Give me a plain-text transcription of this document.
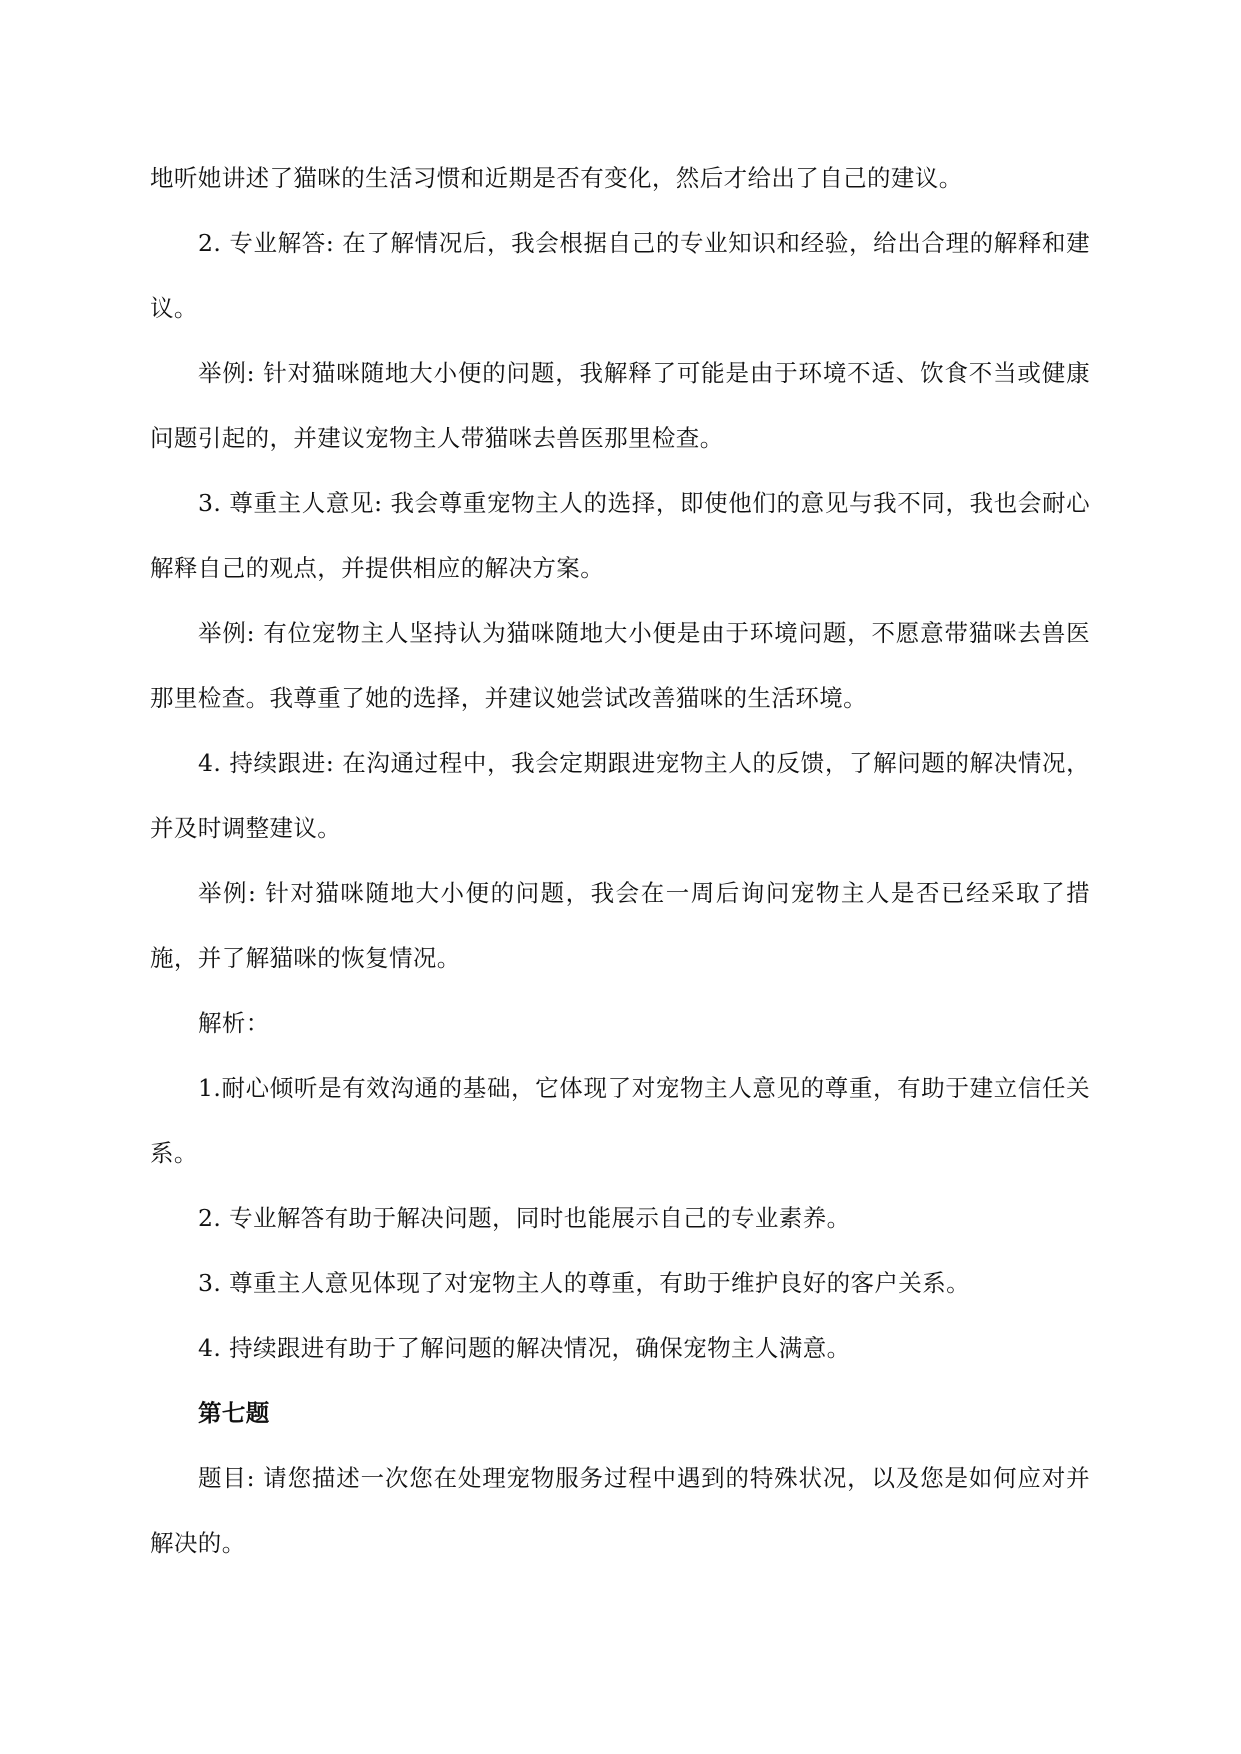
地听她讲述了猫咪的生活习惯和近期是否有变化，然后才给出了自己的建议。

2. 专业解答: 在了解情况后，我会根据自己的专业知识和经验，给出合理的解释和建议。

举例: 针对猫咪随地大小便的问题，我解释了可能是由于环境不适、饮食不当或健康问题引起的，并建议宠物主人带猫咪去兽医那里检查。

3. 尊重主人意见: 我会尊重宠物主人的选择，即使他们的意见与我不同，我也会耐心解释自己的观点，并提供相应的解决方案。

举例: 有位宠物主人坚持认为猫咪随地大小便是由于环境问题，不愿意带猫咪去兽医那里检查。我尊重了她的选择，并建议她尝试改善猫咪的生活环境。

4. 持续跟进: 在沟通过程中，我会定期跟进宠物主人的反馈，了解问题的解决情况，并及时调整建议。

举例: 针对猫咪随地大小便的问题，我会在一周后询问宠物主人是否已经采取了措施，并了解猫咪的恢复情况。

解析：

1.耐心倾听是有效沟通的基础，它体现了对宠物主人意见的尊重，有助于建立信任关系。

2. 专业解答有助于解决问题，同时也能展示自己的专业素养。

3. 尊重主人意见体现了对宠物主人的尊重，有助于维护良好的客户关系。

4. 持续跟进有助于了解问题的解决情况，确保宠物主人满意。

第七题

题目: 请您描述一次您在处理宠物服务过程中遇到的特殊状况，以及您是如何应对并解决的。
